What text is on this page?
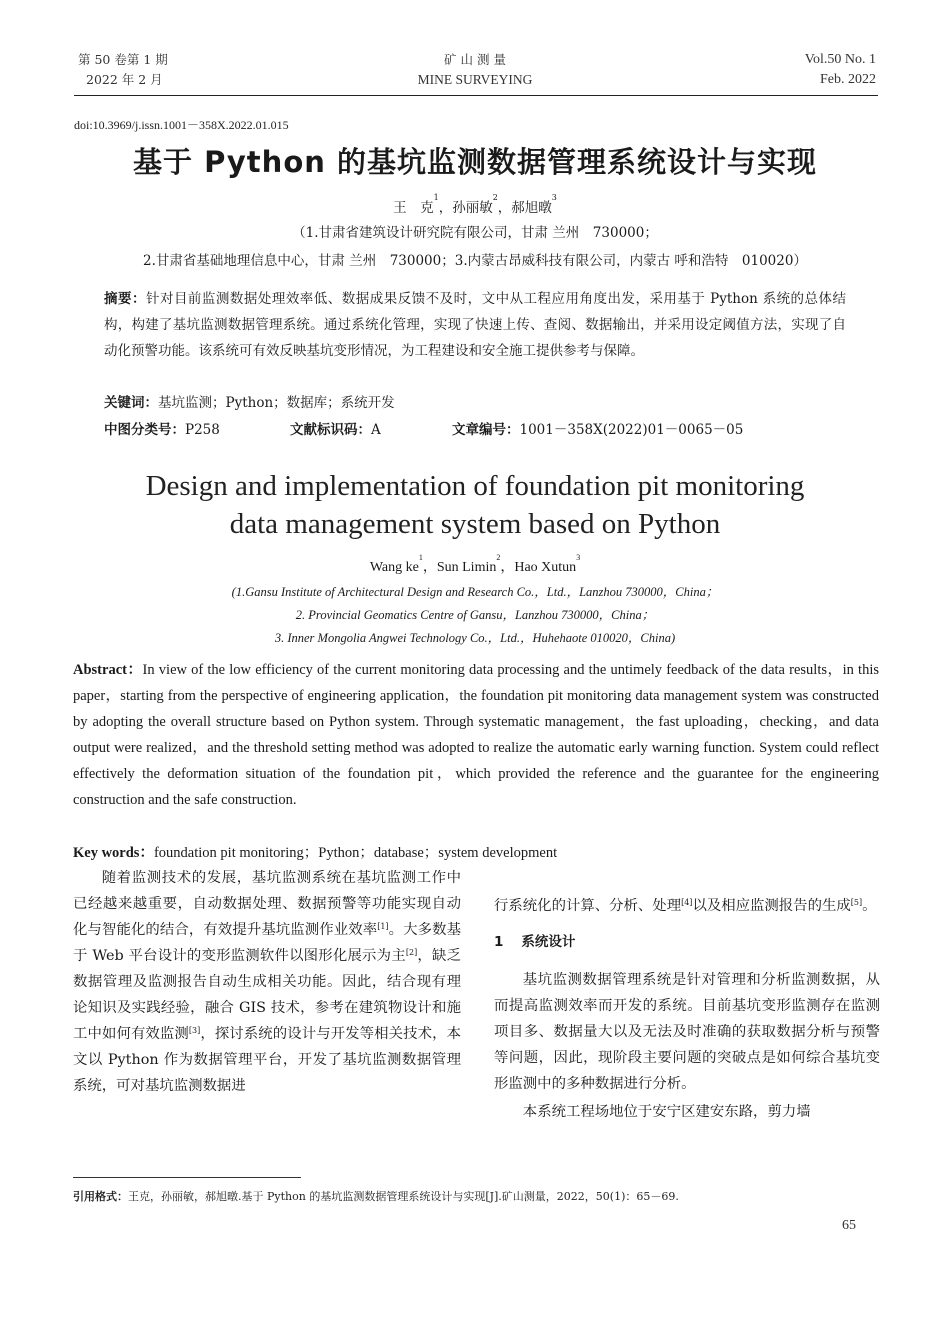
第 50 卷第 1 期
2022 年 2 月
矿 山 测 量
MINE SURVEYING
Vol.50 No. 1
Feb. 2022
doi:10.3969/j.issn.1001－358X.2022.01.015
基于 Python 的基坑监测数据管理系统设计与实现
王　克$^1$，孙丽敏$^2$，郝旭暾$^3$
（1.甘肃省建筑设计研究院有限公司，甘肃 兰州　730000；
2.甘肃省基础地理信息中心，甘肃 兰州　730000；3.内蒙古昂威科技有限公司，内蒙古 呼和浩特　010020）
摘要：针对目前监测数据处理效率低、数据成果反馈不及时，文中从工程应用角度出发，采用基于 Python 系统的总体结构，构建了基坑监测数据管理系统。通过系统化管理，实现了快速上传、查阅、数据输出，并采用设定阈值方法，实现了自动化预警功能。该系统可有效反映基坑变形情况，为工程建设和安全施工提供参考与保障。
关键词：基坑监测；Python；数据库；系统开发
中图分类号：P258	文献标识码：A	文章编号：1001－358X(2022)01－0065－05
Design and implementation of foundation pit monitoring
data management system based on Python
Wang $ke^1$，Sun Limin$^2$，Hao Xutun$^3$
(1.Gansu Institute of Architectural Design and Research Co.，Ltd.，Lanzhou 730000，China；
2. Provincial Geomatics Centre of Gansu，Lanzhou 730000，China；
3. Inner Mongolia Angwei Technology Co.，Ltd.，Huhehaote 010020，China)
Abstract：In view of the low efficiency of the current monitoring data processing and the untimely feedback of the data results，in this paper，starting from the perspective of engineering application，the foundation pit monitoring data management system was constructed by adopting the overall structure based on Python system. Through systematic management，the fast uploading，checking，and data output were realized，and the threshold setting method was adopted to realize the automatic early warning function. System could reflect effectively the deformation situation of the foundation pit，which provided the reference and the guarantee for the engineering construction and the safe construction.
Key words：foundation pit monitoring；Python；database；system development

随着监测技术的发展，基坑监测系统在基坑监测工作中已经越来越重要，自动数据处理、数据预警等功能实现自动化与智能化的结合，有效提升基坑监测作业效率[1]。大多数基于 Web 平台设计的变形监测软件以图形化展示为主[2]，缺乏数据管理及监测报告自动生成相关功能。因此，结合现有理论知识及实践经验，融合 GIS 技术，参考在建筑物设计和施工中如何有效监测[3]，探讨系统的设计与开发等相关技术，本文以 Python 作为数据管理平台，开发了基坑监测数据管理系统，可对基坑监测数据进

行系统化的计算、分析、处理[4]以及相应监测报告的生成[5]。

1 系统设计

基坑监测数据管理系统是针对管理和分析监测数据，从而提高监测效率而开发的系统。目前基坑变形监测存在监测项目多、数据量大以及无法及时准确的获取数据分析与预警等问题，因此，现阶段主要问题的突破点是如何综合基坑变形监测中的多种数据进行分析。

本系统工程场地位于安宁区建安东路，剪力墙

引用格式：王克，孙丽敏，郝旭暾.基于 Python 的基坑监测数据管理系统设计与实现[J].矿山测量，2022，50(1)：65－69.
65
